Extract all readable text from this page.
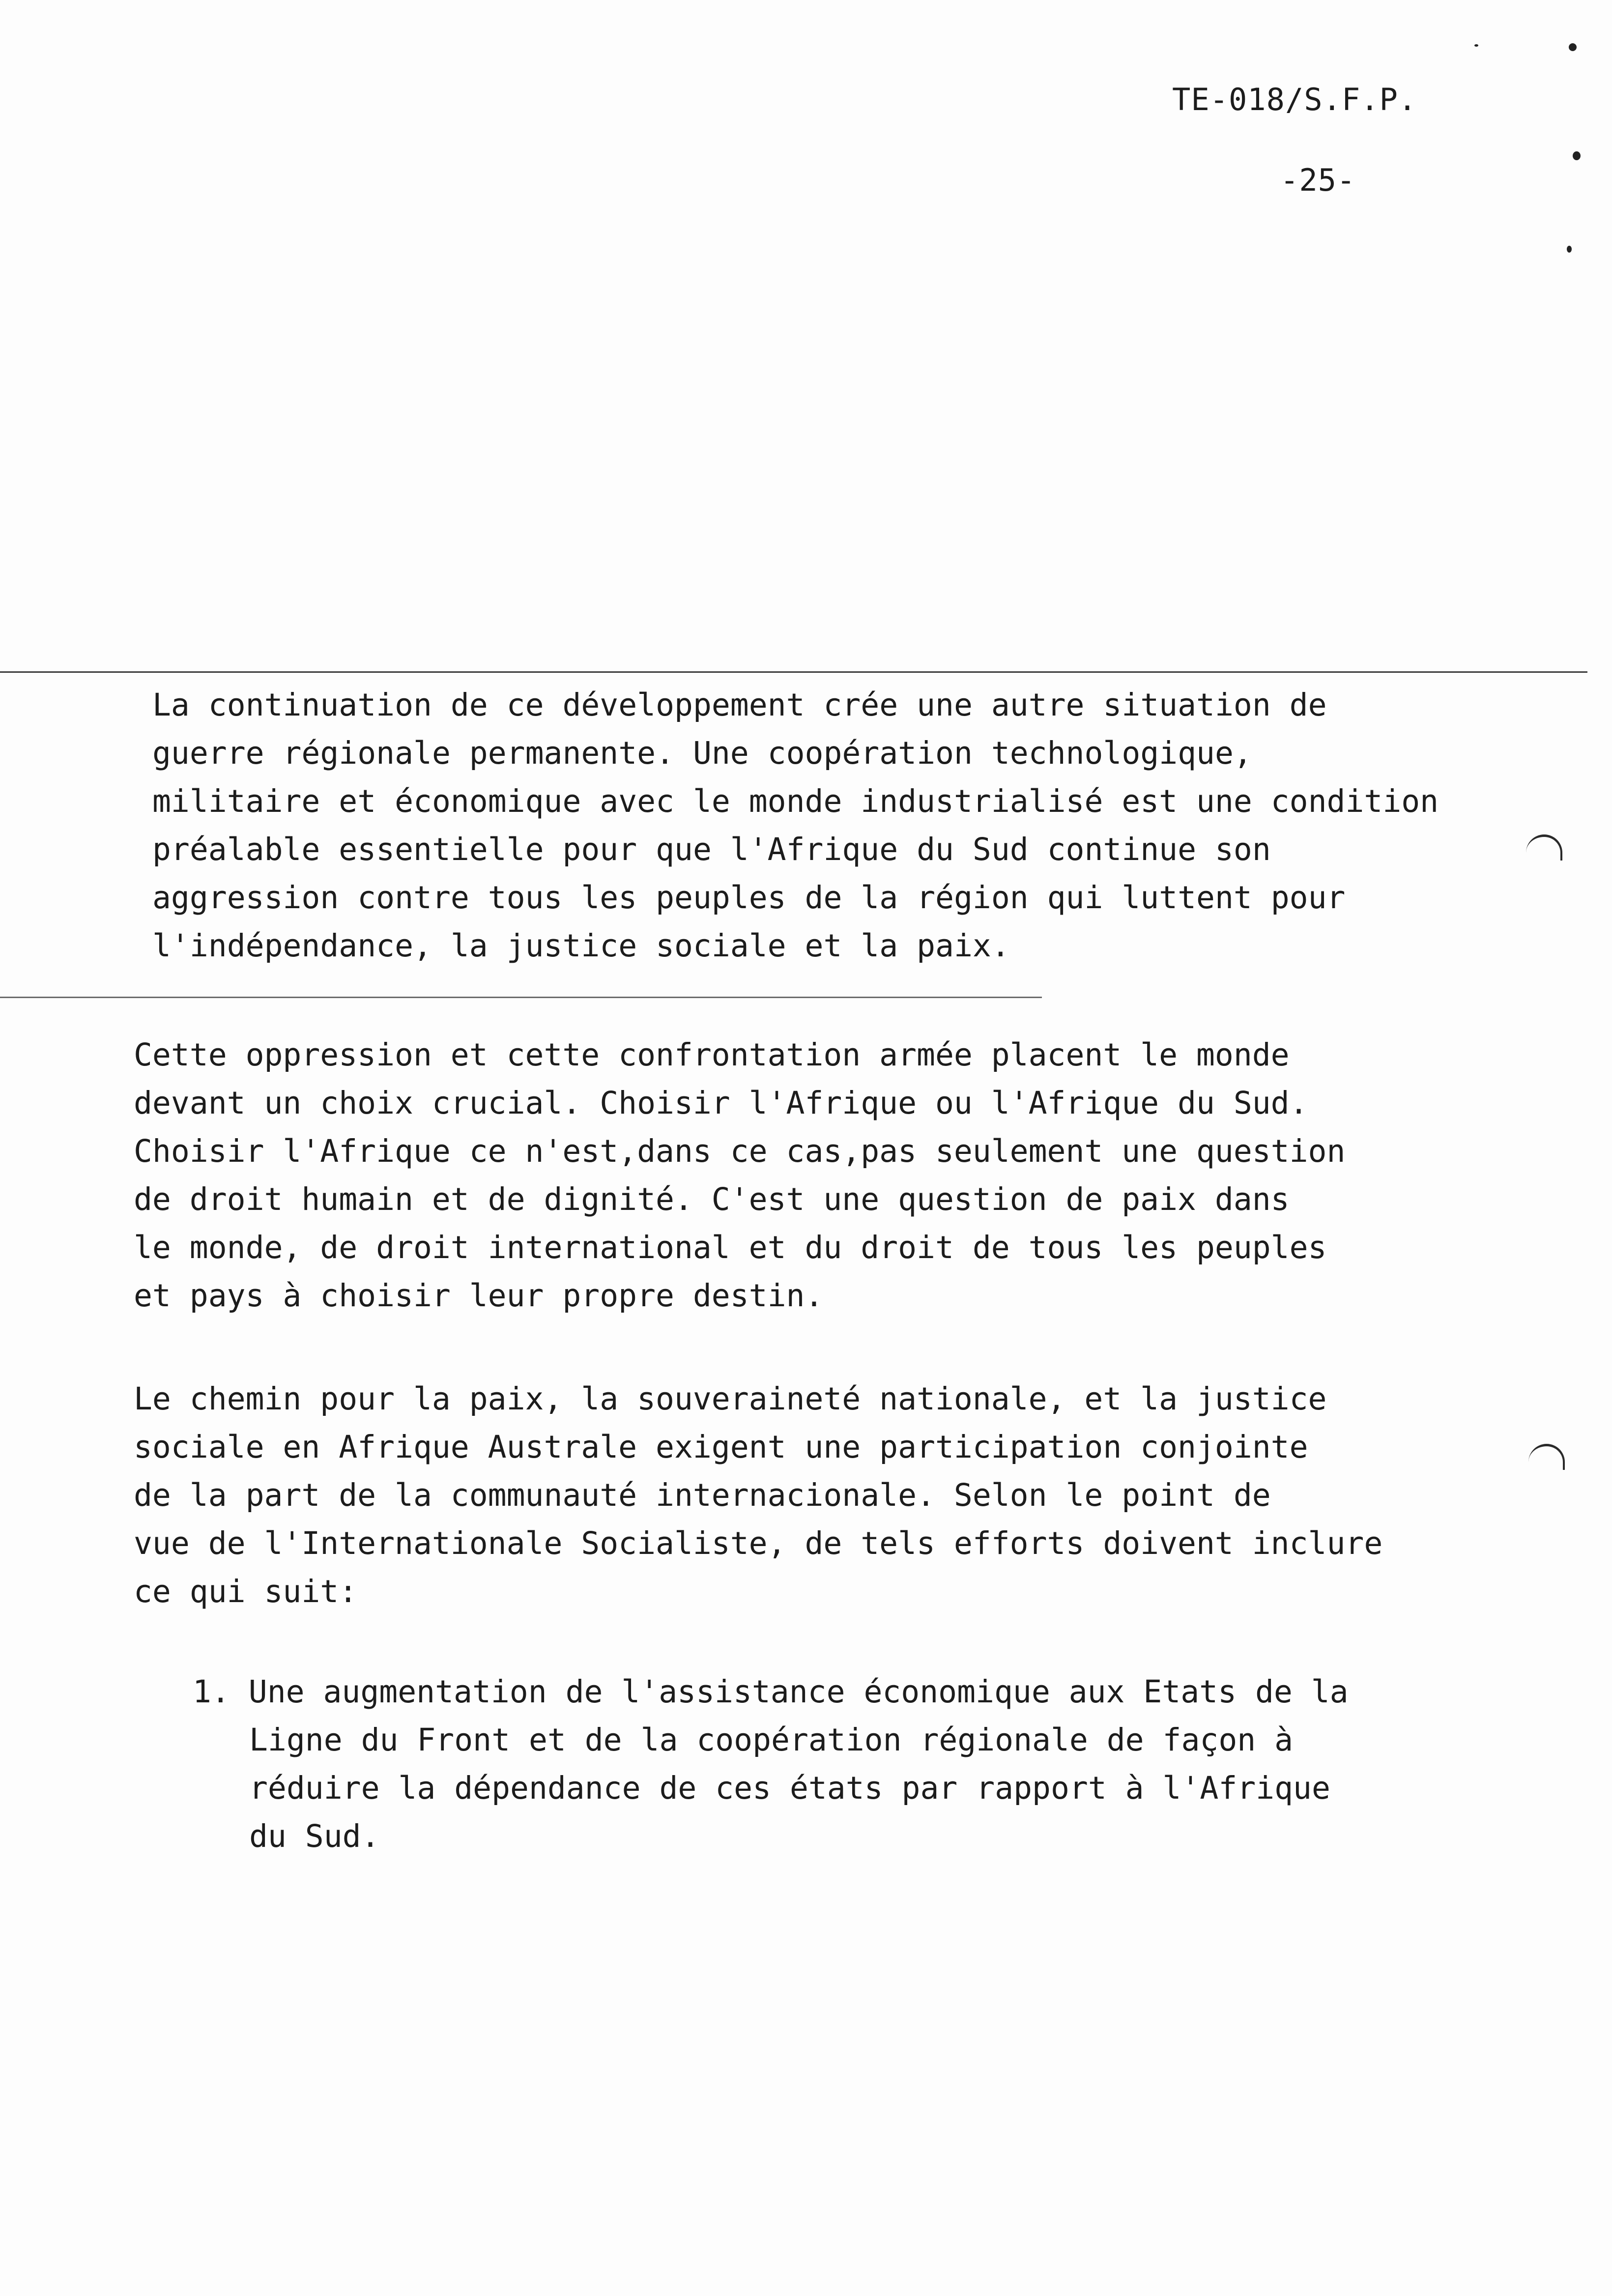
TE-018/S.F.P.
-25-
La continuation de ce développement crée une autre situation de
guerre régionale permanente. Une coopération technologique,
militaire et économique avec le monde industrialisé est une condition
préalable essentielle pour que l'Afrique du Sud continue son
aggression contre tous les peuples de la région qui luttent pour
l'indépendance, la justice sociale et la paix.
Cette oppression et cette confrontation armée placent le monde
devant un choix crucial. Choisir l'Afrique ou l'Afrique du Sud.
Choisir l'Afrique ce n'est,dans ce cas,pas seulement une question
de droit humain et de dignité. C'est une question de paix dans
le monde, de droit international et du droit de tous les peuples
et pays à choisir leur propre destin.
Le chemin pour la paix, la souveraineté nationale, et la justice
sociale en Afrique Australe exigent une participation conjointe
de la part de la communauté internacionale. Selon le point de
vue de l'Internationale Socialiste, de tels efforts doivent inclure
ce qui suit:
1. Une augmentation de l'assistance économique aux Etats de la
Ligne du Front et de la coopération régionale de façon à
réduire la dépendance de ces états par rapport à l'Afrique
du Sud.
